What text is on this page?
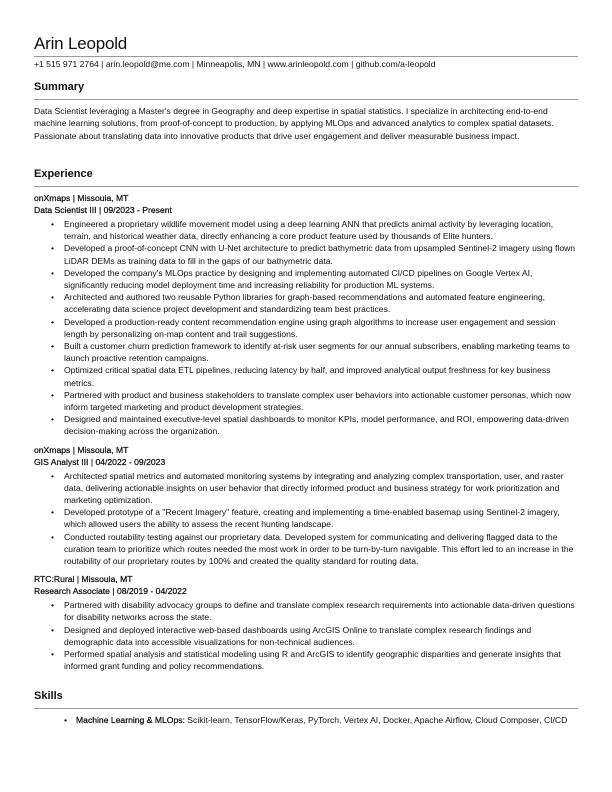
Arin Leopold
+1 515 971 2764 | arin.leopold@me.com | Minneapolis, MN | www.arinleopold.com | github.com/a-leopold
Summary

Data Scientist leveraging a Master's degree in Geography and deep expertise in spatial statistics. I specialize in architecting end-to-end machine learning solutions, from proof-of-concept to production, by applying MLOps and advanced analytics to complex spatial datasets. Passionate about translating data into innovative products that drive user engagement and deliver measurable business impact.

Experience
onXmaps | Missoula, MT
Data Scientist III | 09/2023 - Present
• Engineered a proprietary wildlife movement model using a deep learning ANN that predicts animal activity by leveraging location, terrain, and historical weather data, directly enhancing a core product feature used by thousands of Elite hunters.
• Developed a proof-of-concept CNN with U-Net architecture to predict bathymetric data from upsampled Sentinel-2 imagery using flown LiDAR DEMs as training data to fill in the gaps of our bathymetric data.
• Developed the company's MLOps practice by designing and implementing automated CI/CD pipelines on Google Vertex AI, significantly reducing model deployment time and increasing reliability for production ML systems.
• Architected and authored two reusable Python libraries for graph-based recommendations and automated feature engineering, accelerating data science project development and standardizing team best practices.
• Developed a production-ready content recommendation engine using graph algorithms to increase user engagement and session length by personalizing on-map content and trail suggestions.
• Built a customer churn prediction framework to identify at-risk user segments for our annual subscribers, enabling marketing teams to launch proactive retention campaigns.
• Optimized critical spatial data ETL pipelines, reducing latency by half, and improved analytical output freshness for key business metrics.
• Partnered with product and business stakeholders to translate complex user behaviors into actionable customer personas, which now inform targeted marketing and product development strategies.
• Designed and maintained executive-level spatial dashboards to monitor KPIs, model performance, and ROI, empowering data-driven decision-making across the organization.
onXmaps | Missoula, MT
GIS Analyst III | 04/2022 - 09/2023
• Architected spatial metrics and automated monitoring systems by integrating and analyzing complex transportation, user, and raster data, delivering actionable insights on user behavior that directly informed product and business strategy for work prioritization and marketing optimization.
• Developed prototype of a "Recent Imagery" feature, creating and implementing a time-enabled basemap using Sentinel-2 imagery, which allowed users the ability to assess the recent hunting landscape.
• Conducted routability testing against our proprietary data. Developed system for communicating and delivering flagged data to the curation team to prioritize which routes needed the most work in order to be turn-by-turn navigable. This effort led to an increase in the routability of our proprietary routes by 100% and created the quality standard for routing data.
RTC:Rural | Missoula, MT
Research Associate | 08/2019 - 04/2022
• Partnered with disability advocacy groups to define and translate complex research requirements into actionable data-driven questions for disability networks across the state.
• Designed and deployed interactive web-based dashboards using ArcGIS Online to translate complex research findings and demographic data into accessible visualizations for non-technical audiences.
• Performed spatial analysis and statistical modeling using R and ArcGIS to identify geographic disparities and generate insights that informed grant funding and policy recommendations.
Skills
• Machine Learning & MLOps: Scikit-learn, TensorFlow/Keras, PyTorch, Vertex AI, Docker, Apache Airflow, Cloud Composer, CI/CD
